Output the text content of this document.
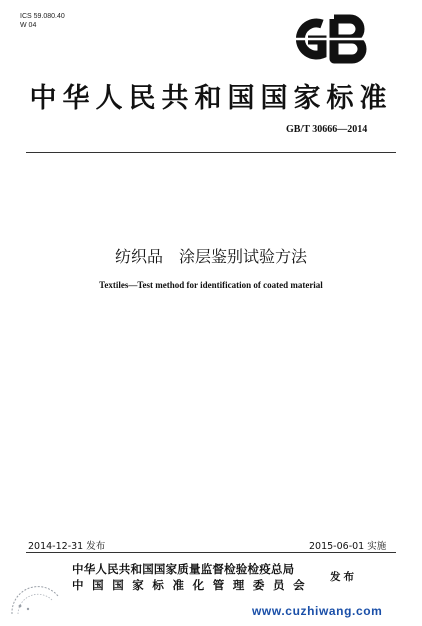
ICS 59.080.40
W 04
中华人民共和国国家标准
GB/T 30666—2014
纺织品 涂层鉴别试验方法
Textiles—Test method for identification of coated material
2014-12-31 发布	2015-06-01 实施
中华人民共和国国家质量监督检验检疫总局
中国国家标准化管理委员会
发布
www.cuzhiwang.com
